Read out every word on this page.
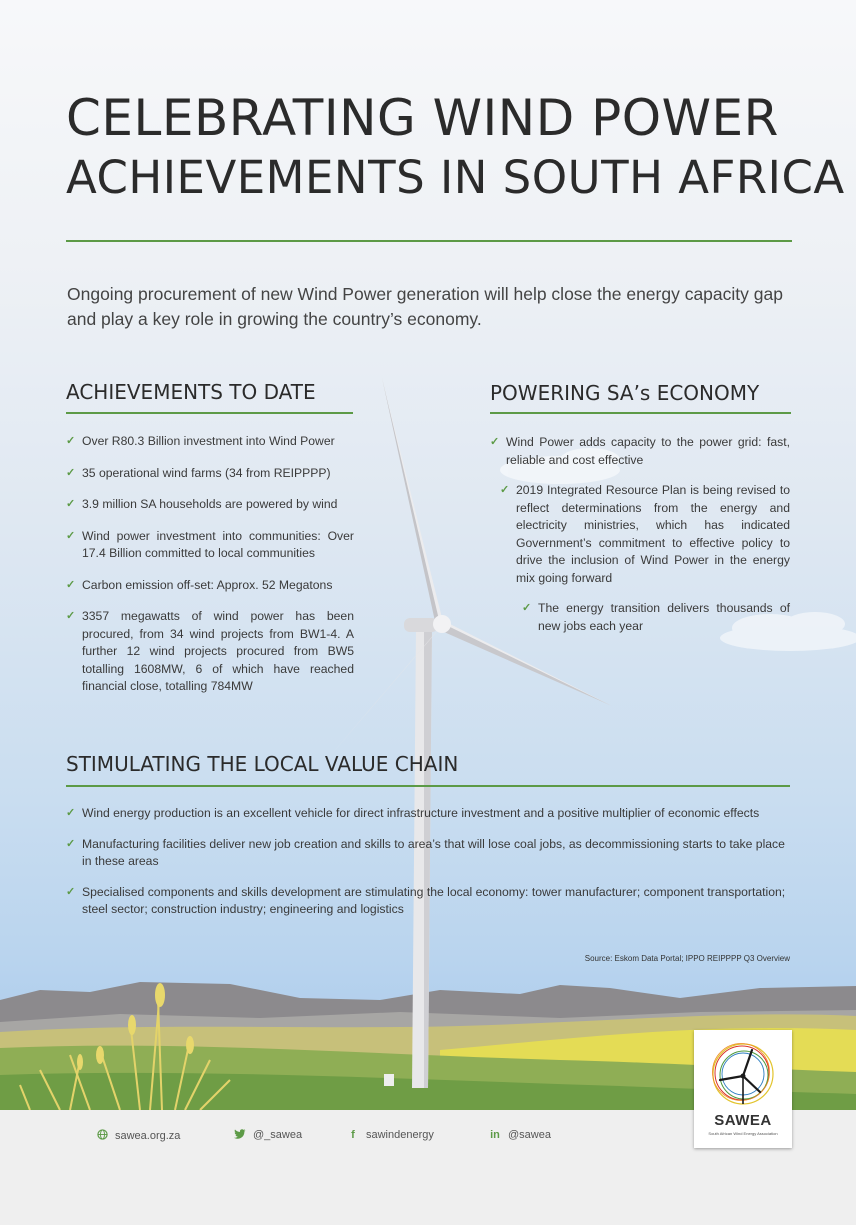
CELEBRATING WIND POWER
ACHIEVEMENTS IN SOUTH AFRICA

Ongoing procurement of new Wind Power generation will help close the energy capacity gap and play a key role in growing the country’s economy.

ACHIEVEMENTS TO DATE
✓ Over R80.3 Billion investment into Wind Power
✓ 35 operational wind farms (34 from REIPPPP)
✓ 3.9 million SA households are powered by wind
✓ Wind power investment into communities: Over 17.4 Billion committed to local communities
✓ Carbon emission off-set: Approx. 52 Megatons
✓ 3357 megawatts of wind power has been procured, from 34 wind projects from BW1-4. A further 12 wind projects procured from BW5 totalling 1608MW, 6 of which have reached financial close, totalling 784MW
POWERING SA’s ECONOMY
✓ Wind Power adds capacity to the power grid: fast, reliable and cost effective
✓ 2019 Integrated Resource Plan is being revised to reflect determinations from the energy and electricity ministries, which has indicated Government’s commitment to effective policy to drive the inclusion of Wind Power in the energy mix going forward
✓ The energy transition delivers thousands of new jobs each year
STIMULATING THE LOCAL VALUE CHAIN
✓ Wind energy production is an excellent vehicle for direct infrastructure investment and a positive multiplier of economic effects
✓ Manufacturing facilities deliver new job creation and skills to area’s that will lose coal jobs, as decommissioning starts to take place in these areas
✓ Specialised components and skills development are stimulating the local economy: tower manufacturer; component transportation; steel sector; construction industry; engineering and logistics
Source: Eskom Data Portal; IPPO REIPPPP Q3 Overview
sawea.org.za	@_sawea	f sawindenergy	in @sawea
SAWEA
South African Wind Energy Association
